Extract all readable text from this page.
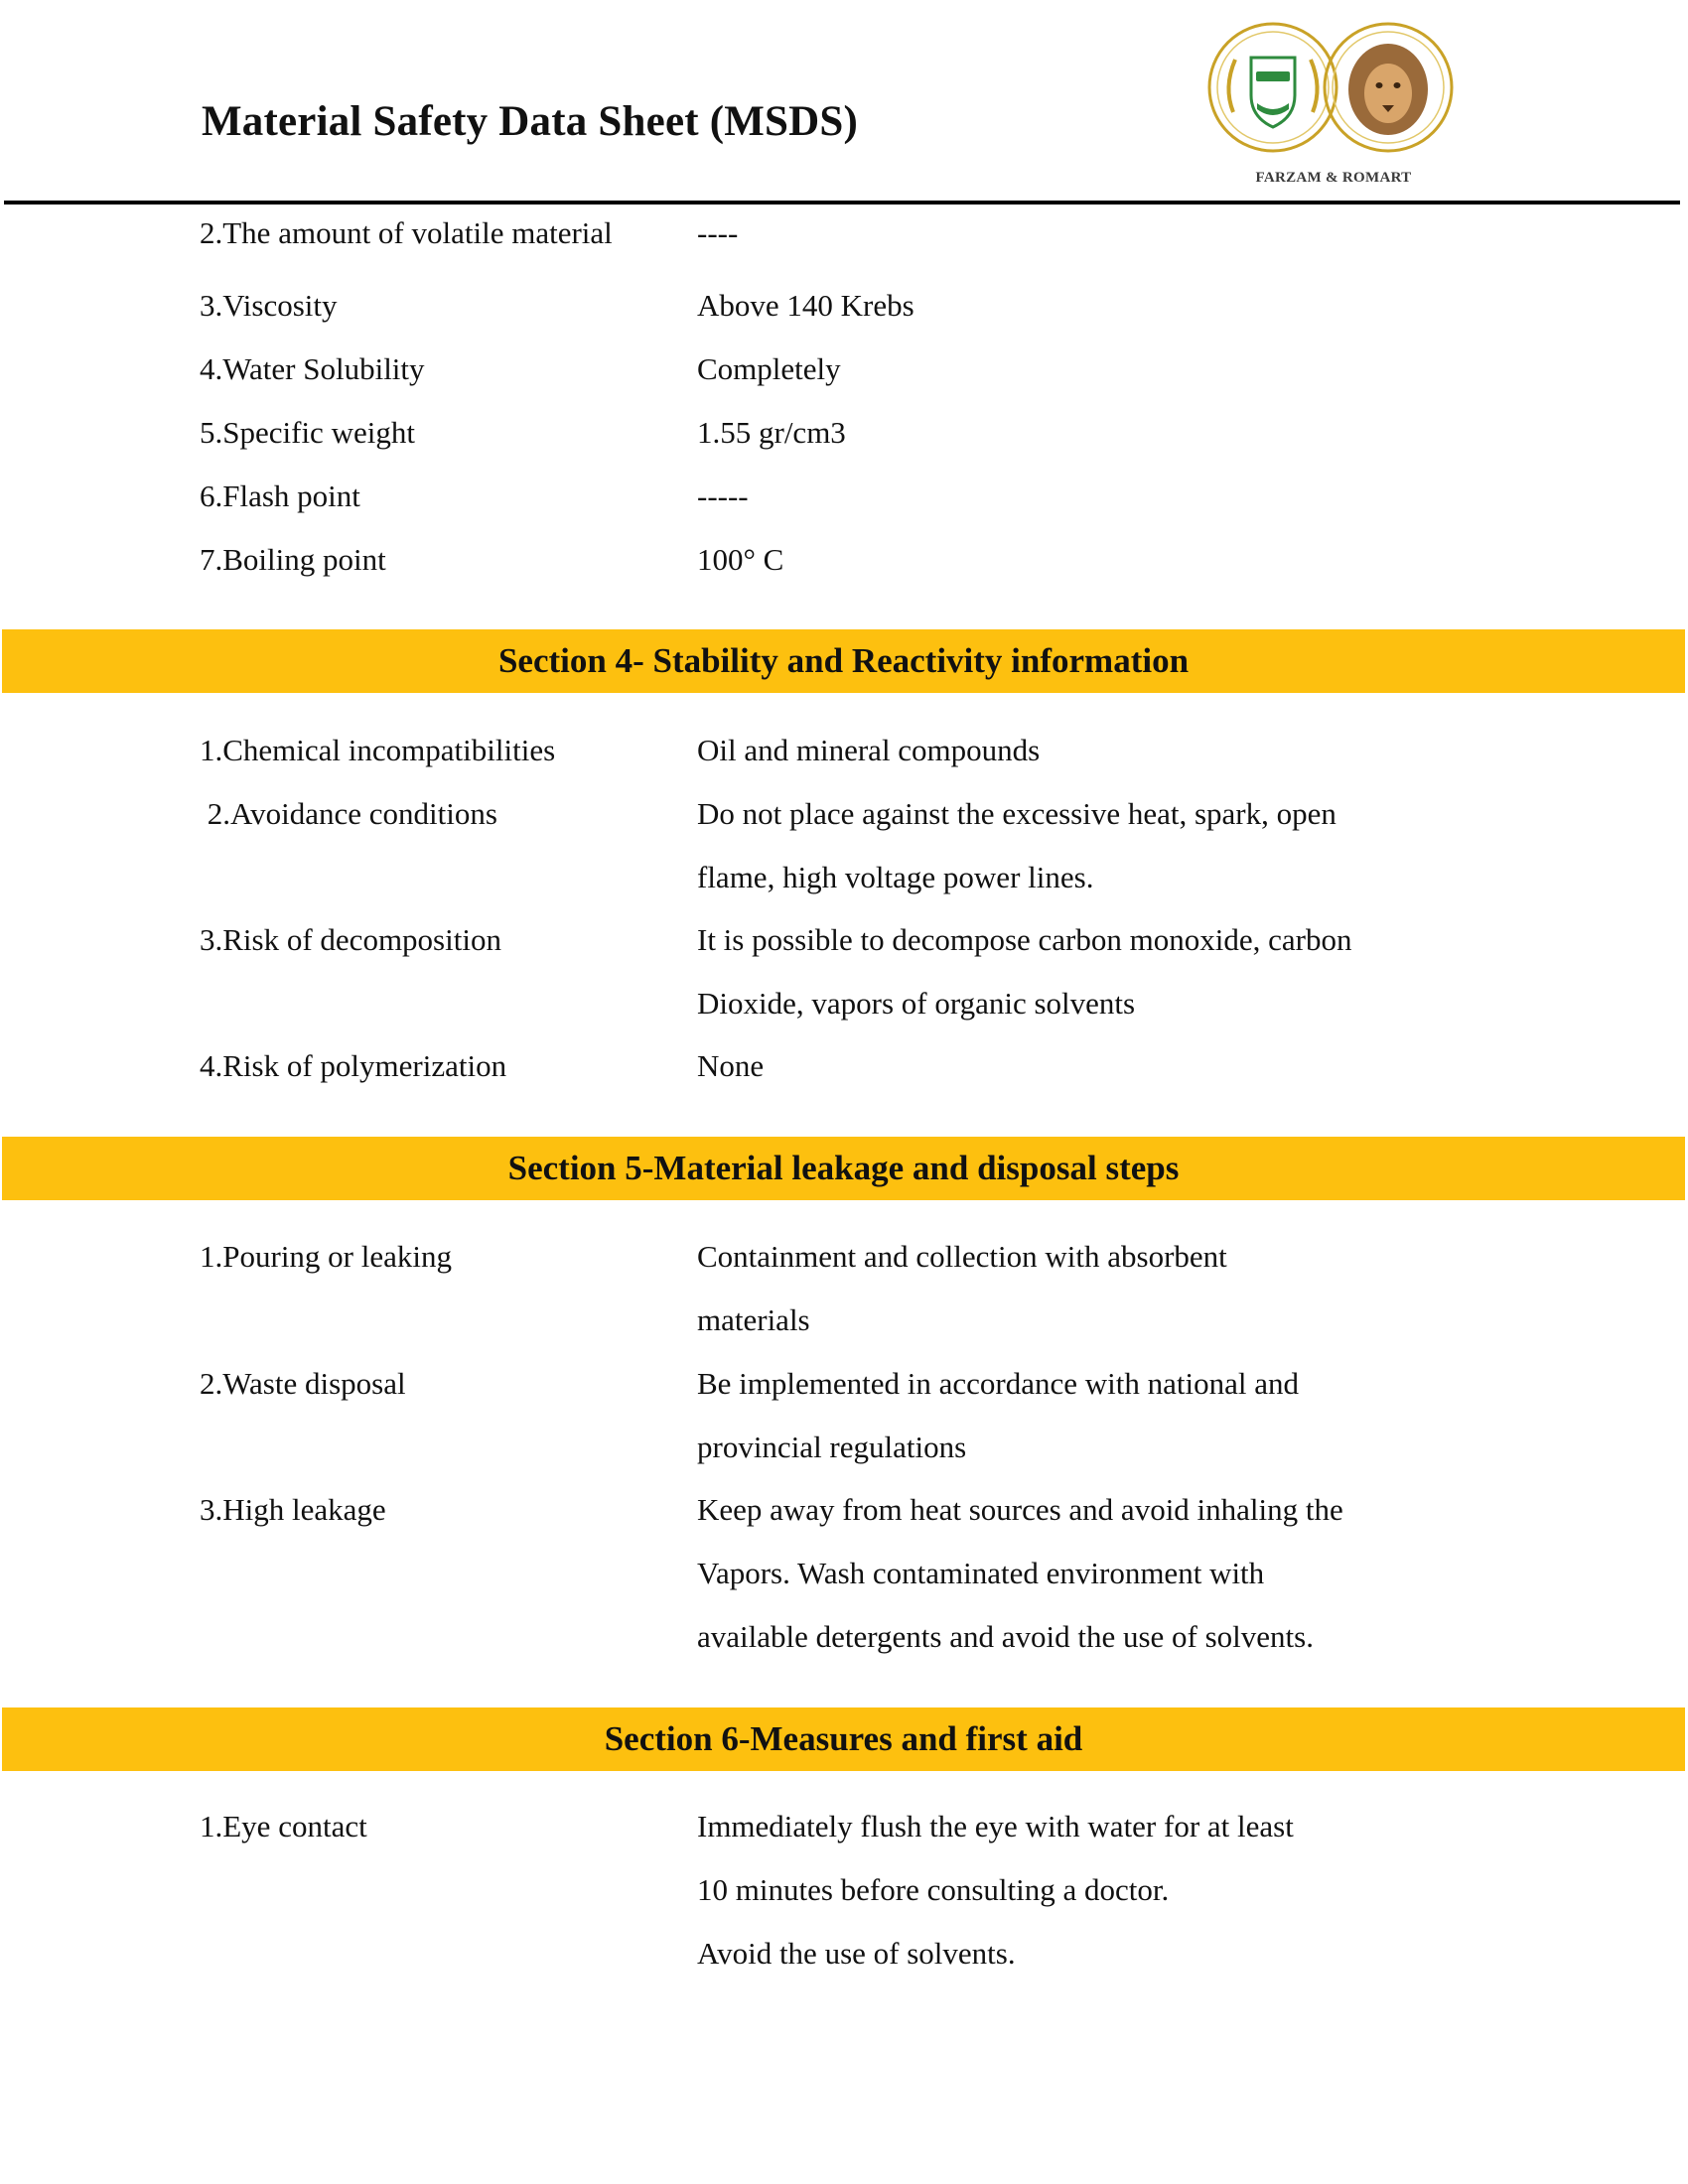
Material Safety Data Sheet (MSDS)
FARZAM & ROMART
2.The amount of volatile material	----
3.Viscosity	Above 140 Krebs
4.Water Solubility	Completely
5.Specific weight	1.55 gr/cm3
6.Flash point	-----
7.Boiling point	100° C
Section 4- Stability and Reactivity information
1.Chemical incompatibilities	Oil and mineral compounds
2.Avoidance conditions	Do not place against the excessive heat, spark, open
flame, high voltage power lines.
3.Risk of decomposition	It is possible to decompose carbon monoxide, carbon
Dioxide, vapors of organic solvents
4.Risk of polymerization	None
Section 5-Material leakage and disposal steps
1.Pouring or leaking	Containment and collection with absorbent
materials
2.Waste disposal	Be implemented in accordance with national and
provincial regulations
3.High leakage	Keep away from heat sources and avoid inhaling the
Vapors. Wash contaminated environment with
available detergents and avoid the use of solvents.
Section 6-Measures and first aid
1.Eye contact	Immediately flush the eye with water for at least
10 minutes before consulting a doctor.
Avoid the use of solvents.
